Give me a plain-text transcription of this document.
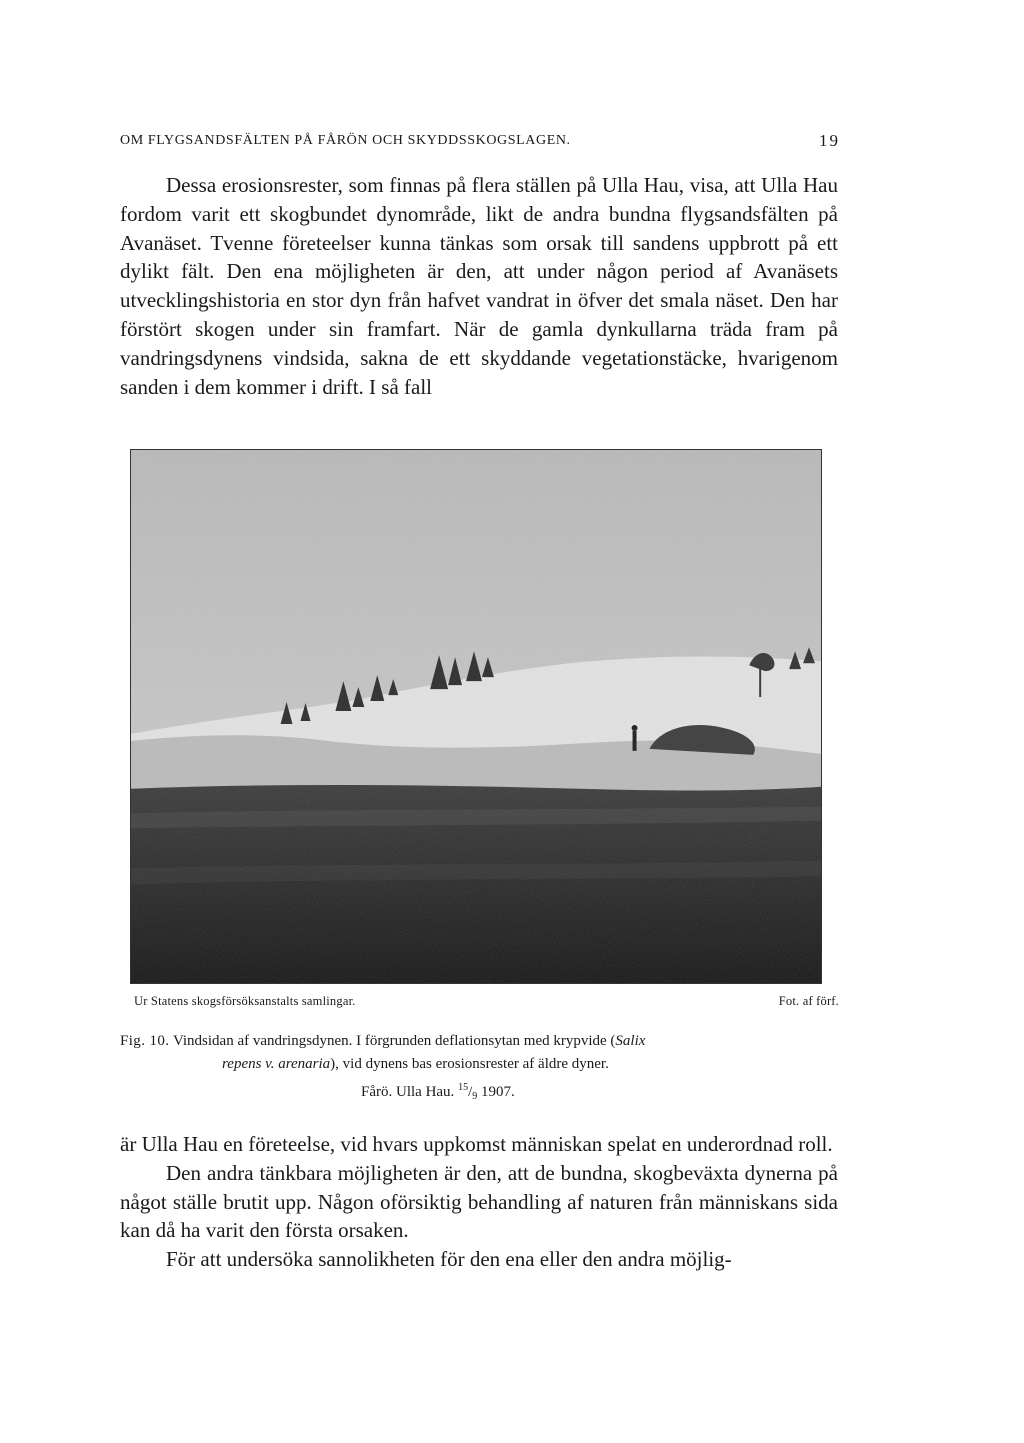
OM FLYGSANDSFÄLTEN PÅ FÅRÖN OCH SKYDDSSKOGSLAGEN.	19

Dessa erosionsrester, som finnas på flera ställen på Ulla Hau, visa, att Ulla Hau fordom varit ett skogbundet dynområde, likt de andra bundna flygsandsfälten på Avanäset. Tvenne företeelser kunna tänkas som orsak till sandens uppbrott på ett dylikt fält. Den ena möjligheten är den, att under någon period af Avanäsets utvecklingshistoria en stor dyn från hafvet vandrat in öfver det smala näset. Den har förstört skogen under sin framfart. När de gamla dynkullarna träda fram på vandringsdynens vindsida, sakna de ett skyddande vegetationstäcke, hvarigenom sanden i dem kommer i drift. I så fall

Ur Statens skogsförsöksanstalts samlingar.	Fot. af förf.
Fig. 10. Vindsidan af vandringsdynen. I förgrunden deflationsytan med krypvide (Salix
repens v. arenaria), vid dynens bas erosionsrester af äldre dyner.
Fårö. Ulla Hau. $^{15}/_9$ 1907.

är Ulla Hau en företeelse, vid hvars uppkomst människan spelat en underordnad roll.

Den andra tänkbara möjligheten är den, att de bundna, skogbeväxta dynerna på något ställe brutit upp. Någon oförsiktig behandling af naturen från människans sida kan då ha varit den första orsaken.

För att undersöka sannolikheten för den ena eller den andra möjlig-
